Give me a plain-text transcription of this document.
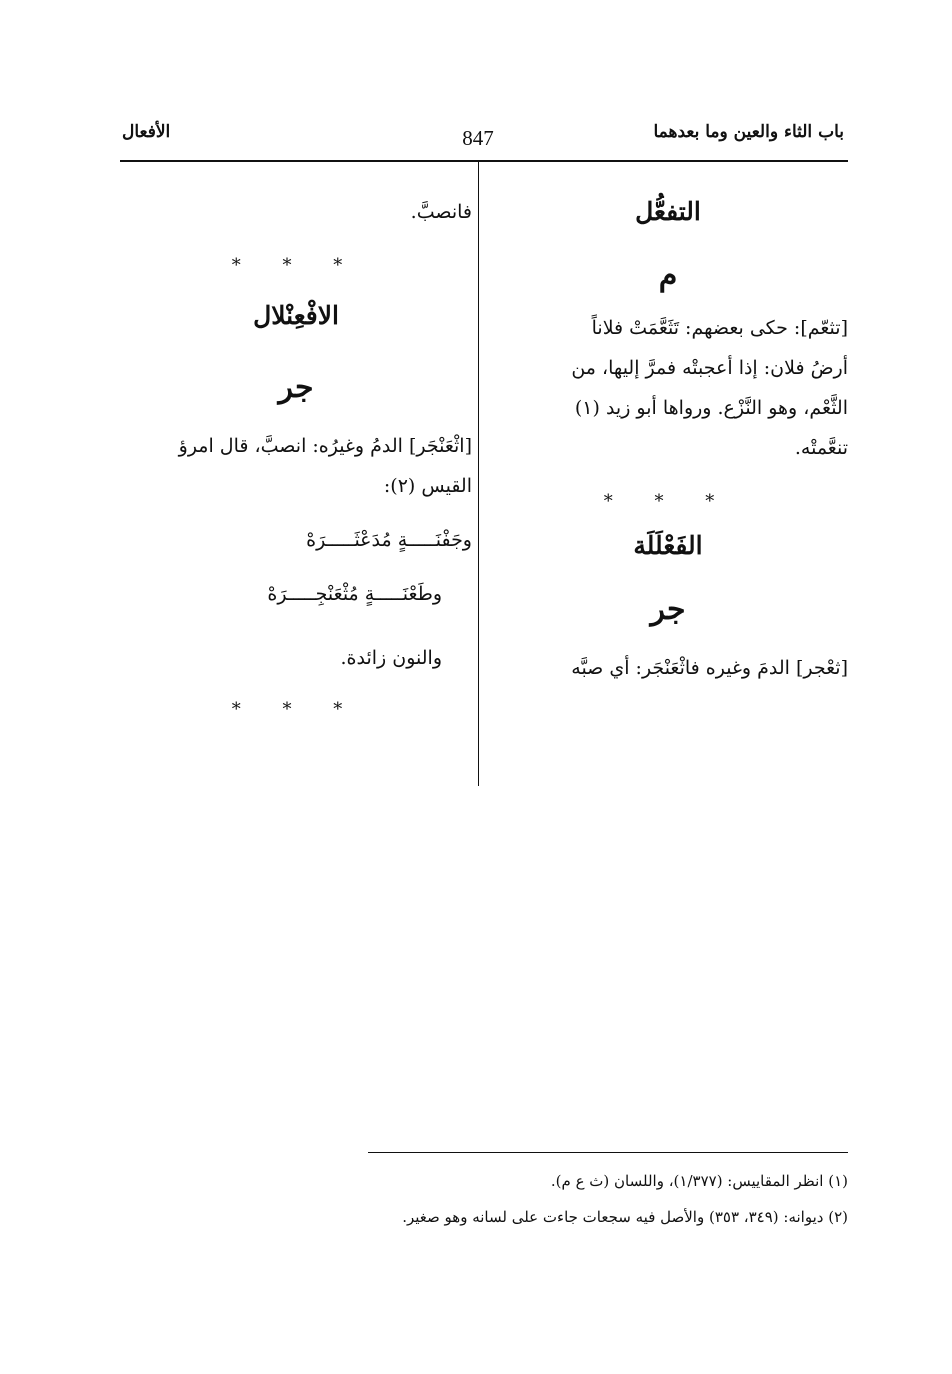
باب الثاء والعين وما بعدهما
847
الأفعال
التفعُّل
م
[تثعّم]: حكى بعضهم: تَثَعَّمَتْ فلاناً
أرضُ فلان: إذا أعجبتْه فمرَّ إليها، من
الثَّعْم، وهو النَّزْع. ورواها أبو زيد (١)
تنعَّمتْه.
* * *
الفَعْلَلَة
جر
[ثعْجر] الدمَ وغيره فاثْعَنْجَر: أي صبَّه
فانصبَّ.
* * *
الافْعِنْلال
جر
[اثْعَنْجَر] الدمُ وغيرُه: انصبَّ، قال امرؤ
القيس (٢):
وجَفْنَـــــةٍ مُدَعْثَـــــرَهْ
وطَعْنَـــــةٍ مُثْعَنْجِـــــرَهْ
والنون زائدة.
* * *
(١) انظر المقاييس: (١/٣٧٧)، واللسان (ث ع م).
(٢) ديوانه: (٣٤٩، ٣٥٣) والأصل فيه سجعات جاءت على لسانه وهو صغير.
